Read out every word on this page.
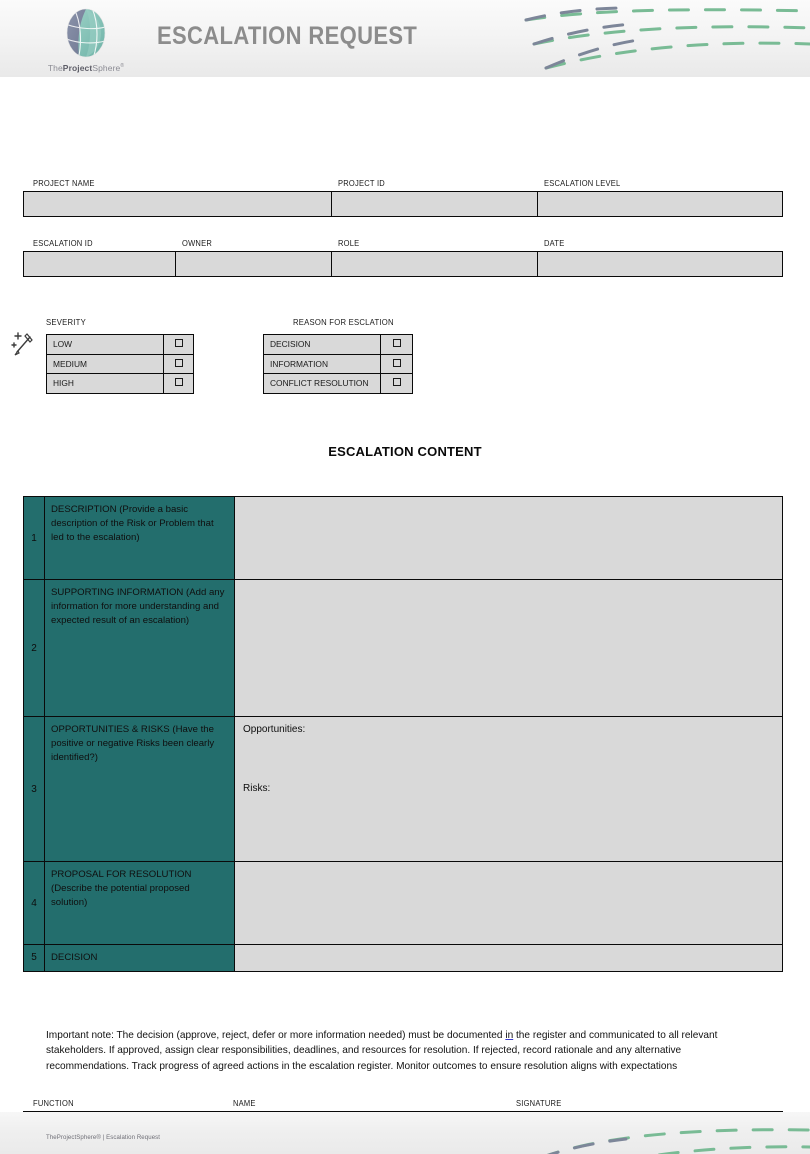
TheProjectSphere®
ESCALATION REQUEST
PROJECT NAME	PROJECT ID	ESCALATION LEVEL
ESCALATION ID	OWNER	ROLE	DATE
SEVERITY
LOW	
MEDIUM	
HIGH	
REASON FOR ESCLATION
DECISION	
INFORMATION	
CONFLICT RESOLUTION	
ESCALATION CONTENT
1	DESCRIPTION (Provide a basic description of the Risk or Problem that led to the escalation)	
2	SUPPORTING INFORMATION (Add any information for more understanding and expected result of an escalation)	
3	OPPORTUNITIES & RISKS (Have the positive or negative Risks been clearly identified?)	Opportunities:
Risks:

4	PROPOSAL FOR RESOLUTION (Describe the potential proposed solution)	
5	DECISION	

Important note: The decision (approve, reject, defer or more information needed) must be documented in the register and communicated to all relevant stakeholders. If approved, assign clear responsibilities, deadlines, and resources for resolution. If rejected, record rationale and any alternative recommendations. Track progress of agreed actions in the escalation register. Monitor outcomes to ensure resolution aligns with expectations

FUNCTION	NAME	SIGNATURE

TheProjectSphere® | Escalation Request
